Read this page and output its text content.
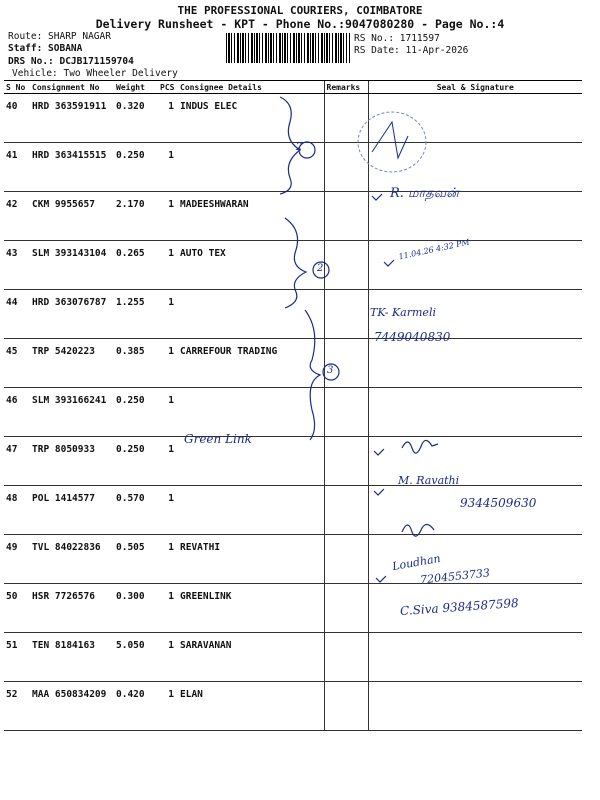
THE PROFESSIONAL COURIERS, COIMBATORE
Delivery Runsheet - KPT - Phone No.:9047080280 - Page No.:4
Route: SHARP NAGAR
Staff: SOBANA
DRS No.: DCJB171159704
Vehicle: Two Wheeler Delivery
RS No.: 1711597
RS Date: 11-Apr-2026
S No	Consignment No	Weight	PCS	Consignee Details	Remarks	Seal & Signature
40	HRD 363591911	0.320	1	INDUS ELEC		
41	HRD 363415515	0.250	1			
42	CKM 9955657	2.170	1	MADEESHWARAN		
43	SLM 393143104	0.265	1	AUTO TEX		
44	HRD 363076787	1.255	1			
45	TRP 5420223	0.385	1	CARREFOUR TRADING		
46	SLM 393166241	0.250	1			
47	TRP 8050933	0.250	1			
48	POL 1414577	0.570	1			
49	TVL 84022836	0.505	1	REVATHI		
50	HSR 7726576	0.300	1	GREENLINK		
51	TEN 8184163	5.050	1	SARAVANAN		
52	MAA 650834209	0.420	1	ELAN		
2
2
3
R. மாதவன்
11.04.26 4:32 PM
TK- Karmeli
7449040830
Green Link
M. Ravathi
9344509630
Loudhan
7204553733
C.Siva 9384587598
